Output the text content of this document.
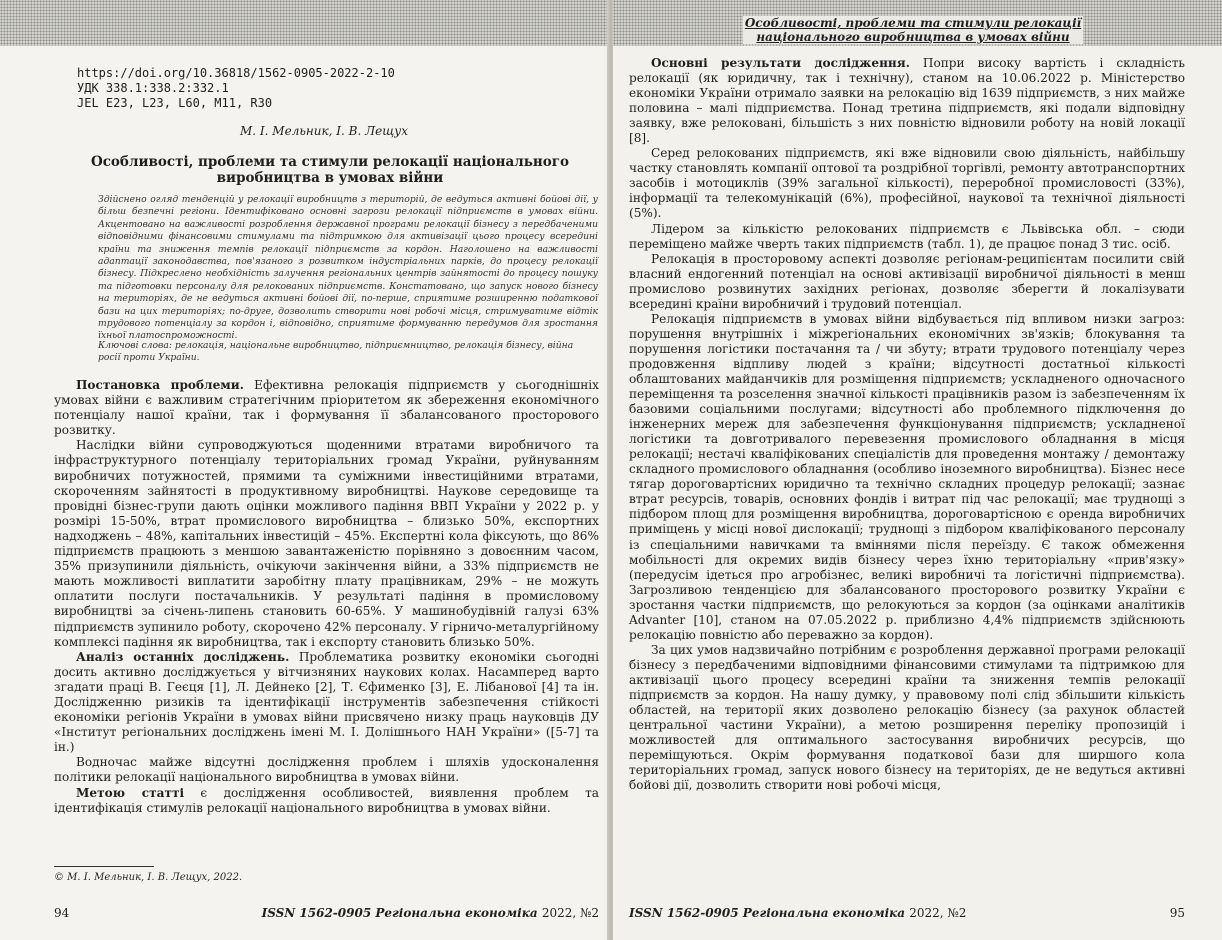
https://doi.org/10.36818/1562-0905-2022-2-10
УДК 338.1:338.2:332.1
JEL E23, L23, L60, M11, R30
М. І. Мельник, І. В. Лещух
Особливості, проблеми та стимули релокації національного виробництва в умовах війни
Здійснено огляд тенденцій у релокації виробництв з територій, де ведуться активні бойові дії, у більш безпечні регіони. Ідентифіковано основні загрози релокації підприємств в умовах війни. Акцентовано на важливості розроблення державної програми релокації бізнесу з передбаченими відповідними фінансовими стимулами та підтримкою для активізації цього процесу всередині країни та зниження темпів релокації підприємств за кордон. Наголошено на важливості адаптації законодавства, пов'язаного з розвитком індустріальних парків, до процесу релокації бізнесу. Підкреслено необхідність залучення регіональних центрів зайнятості до процесу пошуку та підготовки персоналу для релокованих підприємств. Констатовано, що запуск нового бізнесу на територіях, де не ведуться активні бойові дії, по-перше, сприятиме розширенню податкової бази на цих територіях; по-друге, дозволить створити нові робочі місця, стримуватиме відтік трудового потенціалу за кордон і, відповідно, сприятиме формуванню передумов для зростання їхньої платоспроможності.
Ключові слова: релокація, національне виробництво, підприємництво, релокація бізнесу, війна росії проти України.

Постановка проблеми. Ефективна релокація підприємств у сьогоднішніх умовах війни є важливим стратегічним пріоритетом як збереження економічного потенціалу нашої країни, так і формування її збалансованого просторового розвитку.

Наслідки війни супроводжуються щоденними втратами виробничого та інфраструктурного потенціалу територіальних громад України, руйнуванням виробничих потужностей, прямими та суміжними інвестиційними втратами, скороченням зайнятості в продуктивному виробництві. Наукове середовище та провідні бізнес-групи дають оцінки можливого падіння ВВП України у 2022 р. у розмірі 15-50%, втрат промислового виробництва – близько 50%, експортних надходжень – 48%, капітальних інвестицій – 45%. Експертні кола фіксують, що 86% підприємств працюють з меншою завантаженістю порівняно з довоєнним часом, 35% призупинили діяльність, очікуючи закінчення війни, а 33% підприємств не мають можливості виплатити заробітну плату працівникам, 29% – не можуть оплатити послуги постачальників. У результаті падіння в промисловому виробництві за січень-липень становить 60-65%. У машинобудівній галузі 63% підприємств зупинило роботу, скорочено 42% персоналу. У гірничо-металургійному комплексі падіння як виробництва, так і експорту становить близько 50%.

Аналіз останніх досліджень. Проблематика розвитку економіки сьогодні досить активно досліджується у вітчизняних наукових колах. Насамперед варто згадати праці В. Геєця [1], Л. Дейнеко [2], Т. Єфименко [3], Е. Лібанової [4] та ін. Дослідженню ризиків та ідентифікації інструментів забезпечення стійкості економіки регіонів України в умовах війни присвячено низку праць науковців ДУ «Інститут регіональних досліджень імені М. І. Долішнього НАН України» ([5-7] та ін.)

Водночас майже відсутні дослідження проблем і шляхів удосконалення політики релокації національного виробництва в умовах війни.

Метою статті є дослідження особливостей, виявлення проблем та ідентифікація стимулів релокації національного виробництва в умовах війни.

© М. І. Мельник, І. В. Лещух, 2022.
94	ISSN 1562-0905 Регіональна економіка 2022, №2
Особливості, проблеми та стимули релокації
національного виробництва в умовах війни

Основні результати дослідження. Попри високу вартість і складність релокації (як юридичну, так і технічну), станом на 10.06.2022 р. Міністерство економіки України отримало заявки на релокацію від 1639 підприємств, з них майже половина – малі підприємства. Понад третина підприємств, які подали відповідну заявку, вже релоковані, більшість з них повністю відновили роботу на новій локації [8].

Серед релокованих підприємств, які вже відновили свою діяльність, найбільшу частку становлять компанії оптової та роздрібної торгівлі, ремонту автотранспортних засобів і мотоциклів (39% загальної кількості), переробної промисловості (33%), інформації та телекомунікацій (6%), професійної, наукової та технічної діяльності (5%).

Лідером за кількістю релокованих підприємств є Львівська обл. – сюди переміщено майже чверть таких підприємств (табл. 1), де працює понад 3 тис. осіб.

Релокація в просторовому аспекті дозволяє регіонам-реципієнтам посилити свій власний ендогенний потенціал на основі активізації виробничої діяльності в менш промислово розвинутих західних регіонах, дозволяє зберегти й локалізувати всередині країни виробничий і трудовий потенціал.

Релокація підприємств в умовах війни відбувається під впливом низки загроз: порушення внутрішніх і міжрегіональних економічних зв'язків; блокування та порушення логістики постачання та / чи збуту; втрати трудового потенціалу через продовження відпливу людей з країни; відсутності достатньої кількості облаштованих майданчиків для розміщення підприємств; ускладненого одночасного переміщення та розселення значної кількості працівників разом із забезпеченням їх базовими соціальними послугами; відсутності або проблемного підключення до інженерних мереж для забезпечення функціонування підприємств; ускладненої логістики та довготривалого перевезення промислового обладнання в місця релокації; нестачі кваліфікованих спеціалістів для проведення монтажу / демонтажу складного промислового обладнання (особливо іноземного виробництва). Бізнес несе тягар дороговартісних юридично та технічно складних процедур релокації; зазнає втрат ресурсів, товарів, основних фондів і витрат під час релокації; має труднощі з підбором площ для розміщення виробництва, дороговартісною є оренда виробничих приміщень у місці нової дислокації; труднощі з підбором кваліфікованого персоналу із спеціальними навичками та вміннями після переїзду. Є також обмеження мобільності для окремих видів бізнесу через їхню територіальну «прив'язку» (передусім ідеться про агробізнес, великі виробничі та логістичні підприємства). Загрозливою тенденцією для збалансованого просторового розвитку України є зростання частки підприємств, що релокуються за кордон (за оцінками аналітиків Advanter [10], станом на 07.05.2022 р. приблизно 4,4% підприємств здійснюють релокацію повністю або переважно за кордон).

За цих умов надзвичайно потрібним є розроблення державної програми релокації бізнесу з передбаченими відповідними фінансовими стимулами та підтримкою для активізації цього процесу всередині країни та зниження темпів релокації підприємств за кордон. На нашу думку, у правовому полі слід збільшити кількість областей, на території яких дозволено релокацію бізнесу (за рахунок областей центральної частини України), а метою розширення переліку пропозицій і можливостей для оптимального застосування виробничих ресурсів, що переміщуються. Окрім формування податкової бази для ширшого кола територіальних громад, запуск нового бізнесу на територіях, де не ведуться активні бойові дії, дозволить створити нові робочі місця,

ISSN 1562-0905 Регіональна економіка 2022, №2	95
